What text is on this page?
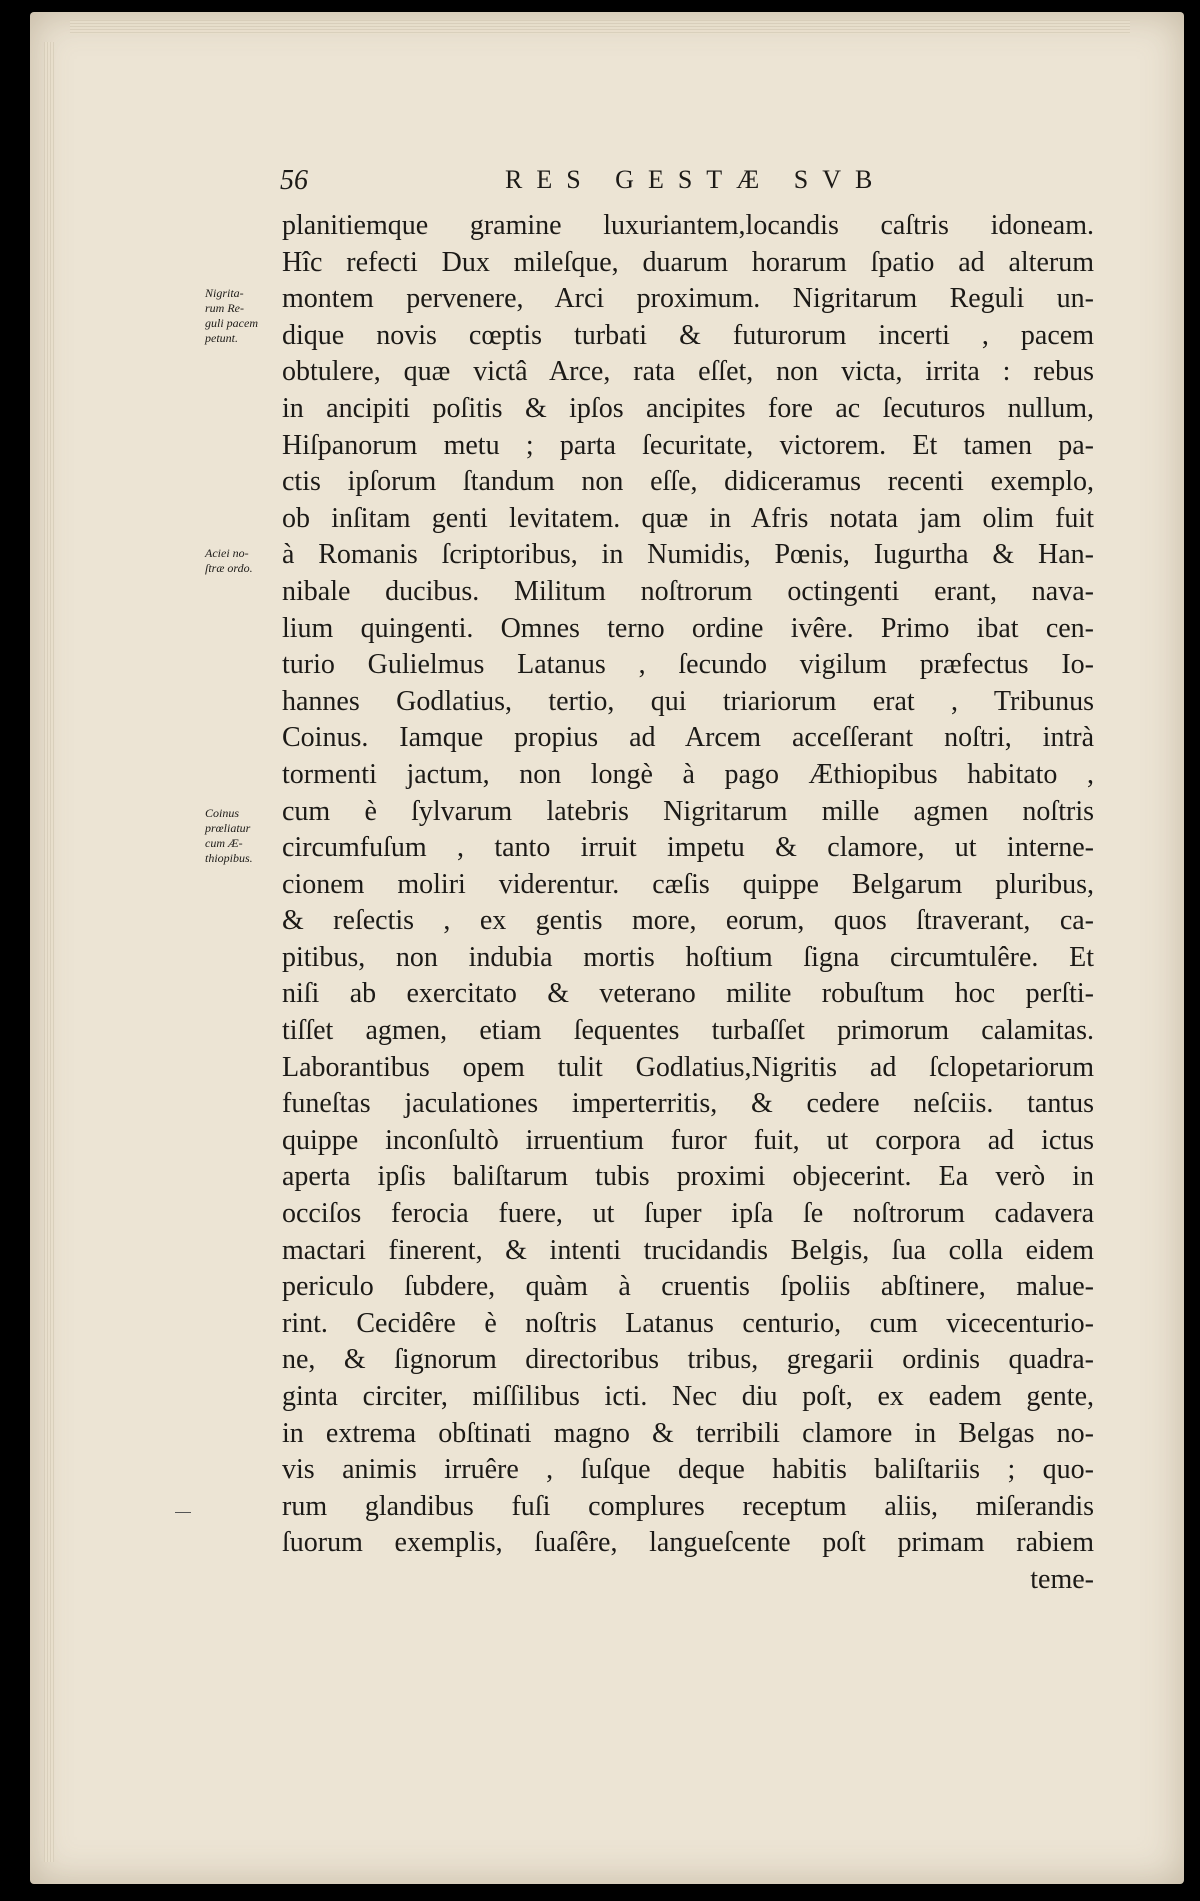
56	RES GESTÆ SVB
Nigrita-
rum Re-
guli pacem
petunt.
Aciei no-
ſtræ ordo.
Coinus
prœliatur
cum Æ-
thiopibus.
planitiemque gramine luxuriantem,locandis caſtris idoneam.
Hîc refecti Dux mileſque, duarum horarum ſpatio ad alterum
montem pervenere, Arci proximum. Nigritarum Reguli un-
dique novis cœptis turbati & futurorum incerti , pacem
obtulere, quæ victâ Arce, rata eſſet, non victa, irrita : rebus
in ancipiti poſitis & ipſos ancipites fore ac ſecuturos nullum,
Hiſpanorum metu ; parta ſecuritate, victorem. Et tamen pa-
ctis ipſorum ſtandum non eſſe, didiceramus recenti exemplo,
ob inſitam genti levitatem. quæ in Afris notata jam olim fuit
à Romanis ſcriptoribus, in Numidis, Pœnis, Iugurtha & Han-
nibale ducibus. Militum noſtrorum octingenti erant, nava-
lium quingenti. Omnes terno ordine ivêre. Primo ibat cen-
turio Gulielmus Latanus , ſecundo vigilum præfectus Io-
hannes Godlatius, tertio, qui triariorum erat , Tribunus
Coinus. Iamque propius ad Arcem acceſſerant noſtri, intrà
tormenti jactum, non longè à pago Æthiopibus habitato ,
cum è ſylvarum latebris Nigritarum mille agmen noſtris
circumfuſum , tanto irruit impetu & clamore, ut interne-
cionem moliri viderentur. cæſis quippe Belgarum pluribus,
& reſectis , ex gentis more, eorum, quos ſtraverant, ca-
pitibus, non indubia mortis hoſtium ſigna circumtulêre. Et
niſi ab exercitato & veterano milite robuſtum hoc perſti-
tiſſet agmen, etiam ſequentes turbaſſet primorum calamitas.
Laborantibus opem tulit Godlatius,Nigritis ad ſclopetariorum
funeſtas jaculationes imperterritis, & cedere neſciis. tantus
quippe inconſultò irruentium furor fuit, ut corpora ad ictus
aperta ipſis baliſtarum tubis proximi objecerint. Ea verò in
occiſos ferocia fuere, ut ſuper ipſa ſe noſtrorum cadavera
mactari finerent, & intenti trucidandis Belgis, ſua colla eidem
periculo ſubdere, quàm à cruentis ſpoliis abſtinere, malue-
rint. Cecidêre è noſtris Latanus centurio, cum vicecenturio-
ne, & ſignorum directoribus tribus, gregarii ordinis quadra-
ginta circiter, miſſilibus icti. Nec diu poſt, ex eadem gente,
in extrema obſtinati magno & terribili clamore in Belgas no-
vis animis irruêre , ſuſque deque habitis baliſtariis ; quo-
rum glandibus fuſi complures receptum aliis, miſerandis
ſuorum exemplis, ſuaſêre, langueſcente poſt primam rabiem
teme-
